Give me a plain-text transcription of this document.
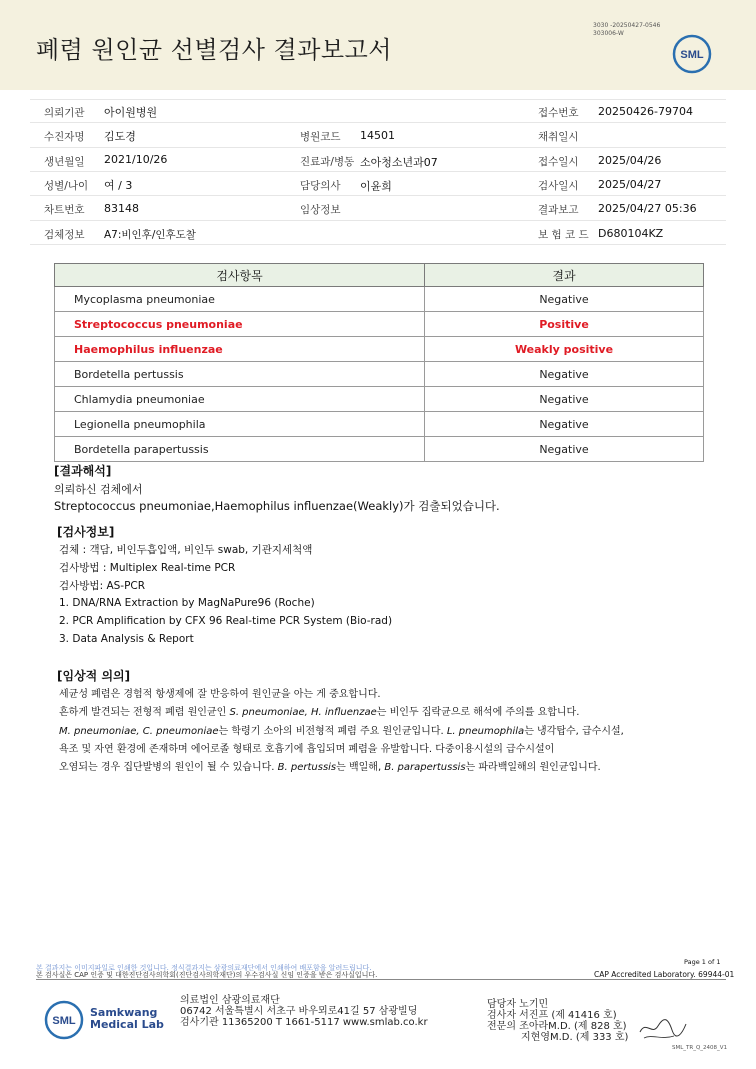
폐렴 원인균 선별검사 결과보고서
3030 -20250427-0546
303006-W
SML
의뢰기관 아이원병원	접수번호 20250426-79704
수진자명 김도경	병원코드 14501	채취일시
생년월일 2021/10/26	진료과/병동 소아청소년과07	접수일시 2025/04/26
성별/나이 여 / 3	담당의사 이윤희	검사일시 2025/04/27
차트번호 83148	임상정보	결과보고 2025/04/27 05:36
검체정보 A7:비인후/인후도찰	보 험 코 드 D680104KZ
검사항목	결과
Mycoplasma pneumoniae	Negative
Streptococcus pneumoniae	Positive
Haemophilus influenzae	Weakly positive
Bordetella pertussis	Negative
Chlamydia pneumoniae	Negative
Legionella pneumophila	Negative
Bordetella parapertussis	Negative
[결과해석]
의뢰하신 검체에서
Streptococcus pneumoniae,Haemophilus influenzae(Weakly)가 검출되었습니다.
[검사정보]
검체 : 객담, 비인두흡입액, 비인두 swab, 기관지세척액
검사방법 : Multiplex Real-time PCR
검사방법: AS-PCR
1. DNA/RNA Extraction by MagNaPure96 (Roche)
2. PCR Amplification by CFX 96 Real-time PCR System (Bio-rad)
3. Data Analysis & Report
[임상적 의의]
세균성 폐렴은 경험적 항생제에 잘 반응하여 원인균을 아는 게 중요합니다.
흔하게 발견되는 전형적 폐렴 원인균인 S. pneumoniae, H. influenzae는 비인두 집락균으로 해석에 주의를 요합니다.
M. pneumoniae, C. pneumoniae는 학령기 소아의 비전형적 폐렴 주요 원인균입니다. L. pneumophila는 냉각탑수, 급수시설,
욕조 및 자연 환경에 존재하며 에어로졸 형태로 호흡기에 흡입되며 폐렴을 유발합니다. 다중이용시설의 급수시설이
오염되는 경우 집단발병의 원인이 될 수 있습니다. B. pertussis는 백일해, B. parapertussis는 파라백일해의 원인균입니다.
본 결과지는 이미지파일로 인쇄한 것입니다. 정식결과지는 삼광의료재단에서 인쇄하여 배포함을 알려드립니다.
본 검사실은 CAP 인증 및 대한진단검사의학회(진단검사의학재단)의 우수검사실 신임 인증을 받은 검사실입니다.
Page 1 of 1
CAP Accredited Laboratory. 69944-01
SML
Samkwang
Medical Lab
의료법인 삼광의료재단
06742 서울특별시 서초구 바우뫼로41길 57 삼광빌딩
검사기관 11365200 T 1661-5117 www.smlab.co.kr
담당자 노기민
검사자 서진프 (제 41416 호)
전문의 조아라M.D. (제 828 호)
지현영M.D. (제 333 호)
SML_TR_Q_2408_V1
